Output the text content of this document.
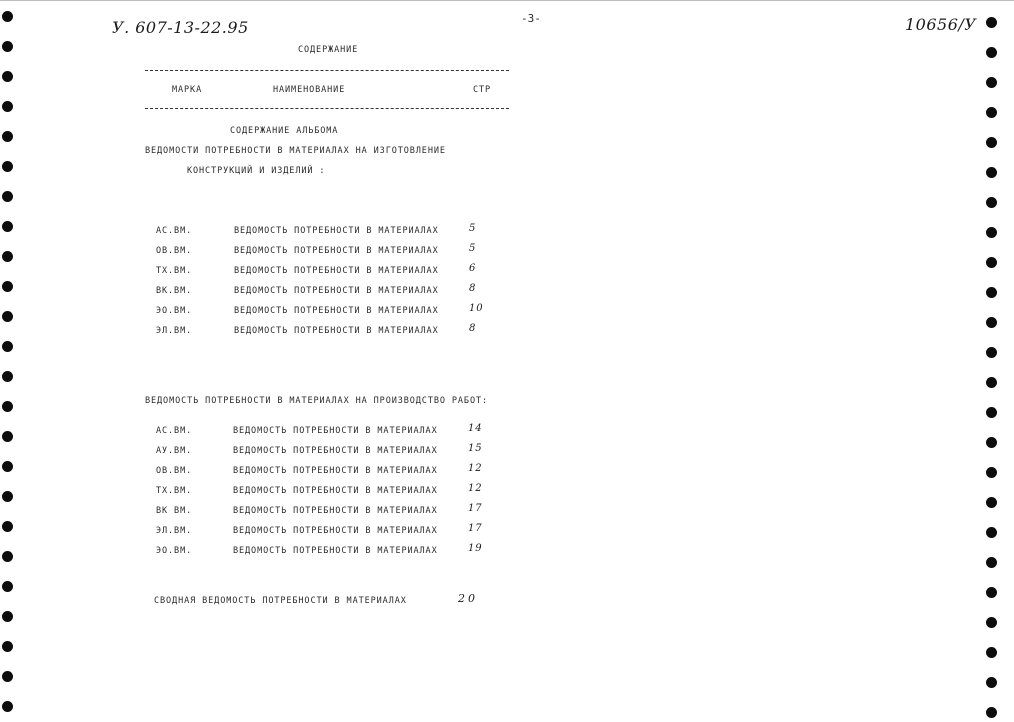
У. 607-13-22.95	-3-	10656/У
СОДЕРЖАНИЕ
МАРКА	НАИМЕНОВАНИЕ	СТР
СОДЕРЖАНИЕ АЛЬБОМА
ВЕДОМОСТИ ПОТРЕБНОСТИ В МАТЕРИАЛАХ НА ИЗГОТОВЛЕНИЕ
КОНСТРУКЦИЙ И ИЗДЕЛИЙ :
АС.ВМ.	ВЕДОМОСТЬ ПОТРЕБНОСТИ В МАТЕРИАЛАХ	5
ОВ.ВМ.	ВЕДОМОСТЬ ПОТРЕБНОСТИ В МАТЕРИАЛАХ	5
ТХ.ВМ.	ВЕДОМОСТЬ ПОТРЕБНОСТИ В МАТЕРИАЛАХ	6
ВК.ВМ.	ВЕДОМОСТЬ ПОТРЕБНОСТИ В МАТЕРИАЛАХ	8
ЭО.ВМ.	ВЕДОМОСТЬ ПОТРЕБНОСТИ В МАТЕРИАЛАХ	10
ЭЛ.ВМ.	ВЕДОМОСТЬ ПОТРЕБНОСТИ В МАТЕРИАЛАХ	8
ВЕДОМОСТЬ ПОТРЕБНОСТИ В МАТЕРИАЛАХ НА ПРОИЗВОДСТВО РАБОТ:
АС.ВМ.	ВЕДОМОСТЬ ПОТРЕБНОСТИ В МАТЕРИАЛАХ	14
АУ.ВМ.	ВЕДОМОСТЬ ПОТРЕБНОСТИ В МАТЕРИАЛАХ	15
ОВ.ВМ.	ВЕДОМОСТЬ ПОТРЕБНОСТИ В МАТЕРИАЛАХ	12
ТХ.ВМ.	ВЕДОМОСТЬ ПОТРЕБНОСТИ В МАТЕРИАЛАХ	12
ВК ВМ.	ВЕДОМОСТЬ ПОТРЕБНОСТИ В МАТЕРИАЛАХ	17
ЭЛ.ВМ.	ВЕДОМОСТЬ ПОТРЕБНОСТИ В МАТЕРИАЛАХ	17
ЭО.ВМ.	ВЕДОМОСТЬ ПОТРЕБНОСТИ В МАТЕРИАЛАХ	19
СВОДНАЯ ВЕДОМОСТЬ ПОТРЕБНОСТИ В МАТЕРИАЛАХ	20
